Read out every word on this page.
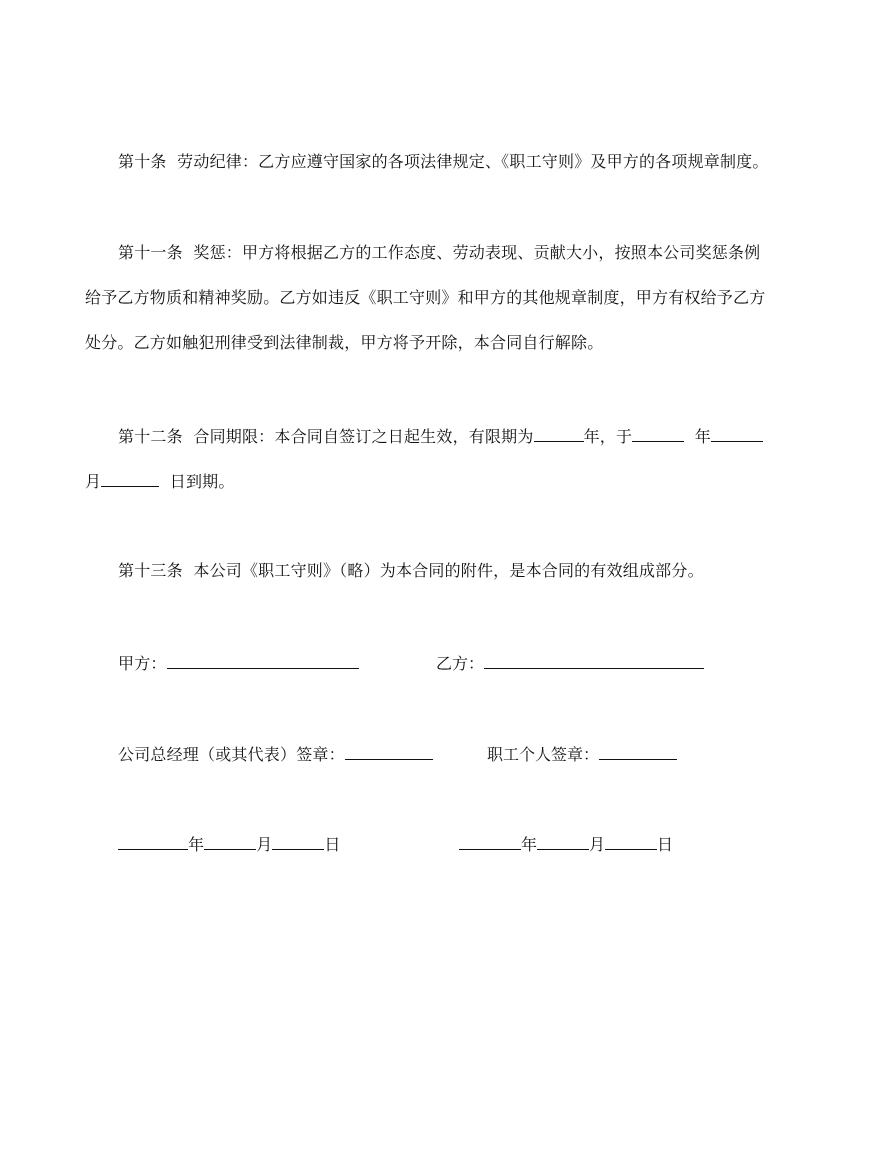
第十条  劳动纪律：乙方应遵守国家的各项法律规定、《职工守则》及甲方的各项规章制度。
第十一条  奖惩：甲方将根据乙方的工作态度、劳动表现、贡献大小，按照本公司奖惩条例
给予乙方物质和精神奖励。乙方如违反《职工守则》和甲方的其他规章制度，甲方有权给予乙方
处分。乙方如触犯刑律受到法律制裁，甲方将予开除，本合同自行解除。
第十二条  合同期限：本合同自签订之日起生效，有限期为	年，于	年
月	日到期。
第十三条  本公司《职工守则》（略）为本合同的附件，是本合同的有效组成部分。
甲方：	乙方：
公司总经理（或其代表）签章：	职工个人签章：
年	月	日	年	月	日
